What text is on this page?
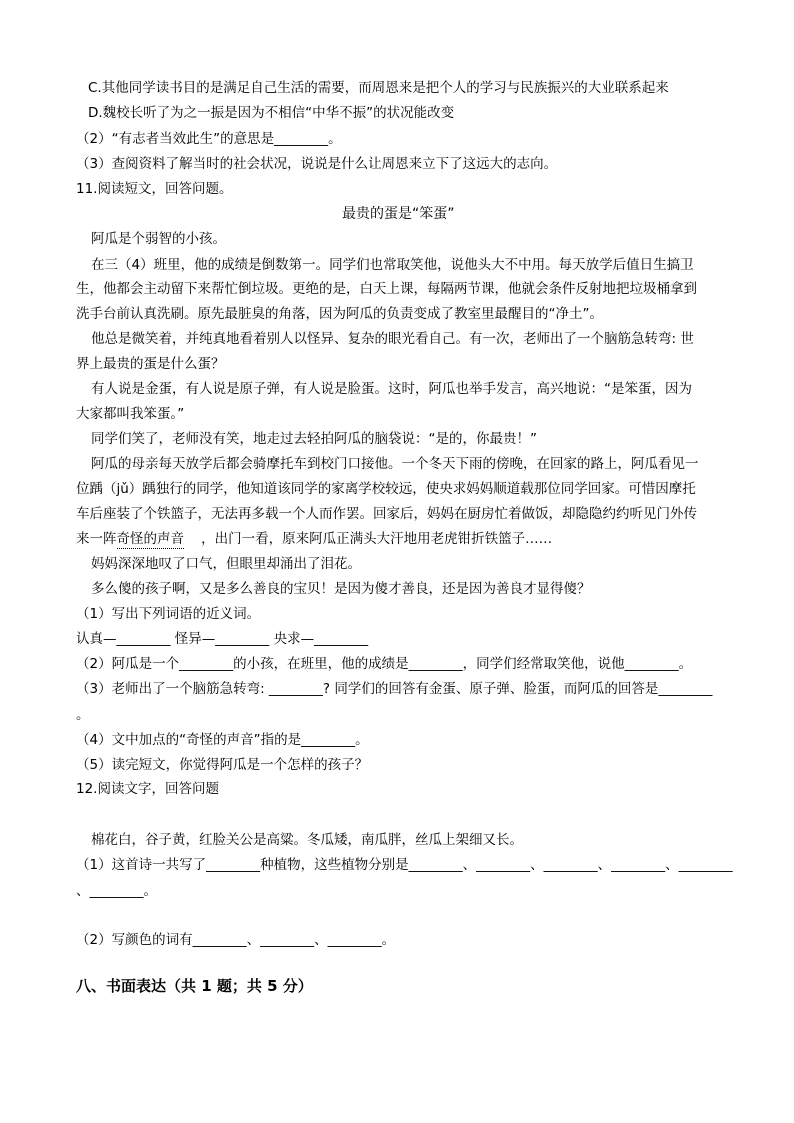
C.其他同学读书目的是满足自己生活的需要，而周恩来是把个人的学习与民族振兴的大业联系起来
D.魏校长听了为之一振是因为不相信“中华不振”的状况能改变
（2）“有志者当效此生”的意思是________。
（3）查阅资料了解当时的社会状况，说说是什么让周恩来立下了这远大的志向。
11.阅读短文，回答问题。
最贵的蛋是“笨蛋”
阿瓜是个弱智的小孩。
在三（4）班里，他的成绩是倒数第一。同学们也常取笑他，说他头大不中用。每天放学后值日生搞卫
生，他都会主动留下来帮忙倒垃圾。更绝的是，白天上课，每隔两节课，他就会条件反射地把垃圾桶拿到
洗手台前认真洗刷。原先最脏臭的角落，因为阿瓜的负责变成了教室里最醒目的“净土”。
他总是微笑着，并纯真地看着别人以怪异、复杂的眼光看自己。有一次，老师出了一个脑筋急转弯: 世
界上最贵的蛋是什么蛋？
有人说是金蛋，有人说是原子弹，有人说是脸蛋。这时，阿瓜也举手发言，高兴地说：“是笨蛋，因为
大家都叫我笨蛋。”
同学们笑了，老师没有笑，地走过去轻拍阿瓜的脑袋说：“是的，你最贵！”
阿瓜的母亲每天放学后都会骑摩托车到校门口接他。一个冬天下雨的傍晚，在回家的路上，阿瓜看见一
位踽（jǔ）踽独行的同学，他知道该同学的家离学校较远，使央求妈妈顺道载那位同学回家。可惜因摩托
车后座装了个铁篮子，无法再多载一个人而作罢。回家后，妈妈在厨房忙着做饭，却隐隐约约听见门外传
来一阵奇怪的声音 ，出门一看，原来阿瓜正满头大汗地用老虎钳折铁篮子……
妈妈深深地叹了口气，但眼里却涌出了泪花。
多么傻的孩子啊，又是多么善良的宝贝！是因为傻才善良，还是因为善良才显得傻？
（1）写出下列词语的近义词。
认真—________ 怪异—________ 央求—________
（2）阿瓜是一个________的小孩，在班里，他的成绩是________，同学们经常取笑他，说他________。
（3）老师出了一个脑筋急转弯: ________? 同学们的回答有金蛋、原子弹、脸蛋，而阿瓜的回答是________
。
（4）文中加点的“奇怪的声音”指的是________。
（5）读完短文，你觉得阿瓜是一个怎样的孩子？
12.阅读文字，回答问题
棉花白，谷子黄，红脸关公是高粱。冬瓜矮，南瓜胖，丝瓜上架细又长。
（1）这首诗一共写了________种植物，这些植物分别是________、________、________、________、________
、________。
（2）写颜色的词有________、________、________。
八、书面表达（共 1 题；共 5 分）
